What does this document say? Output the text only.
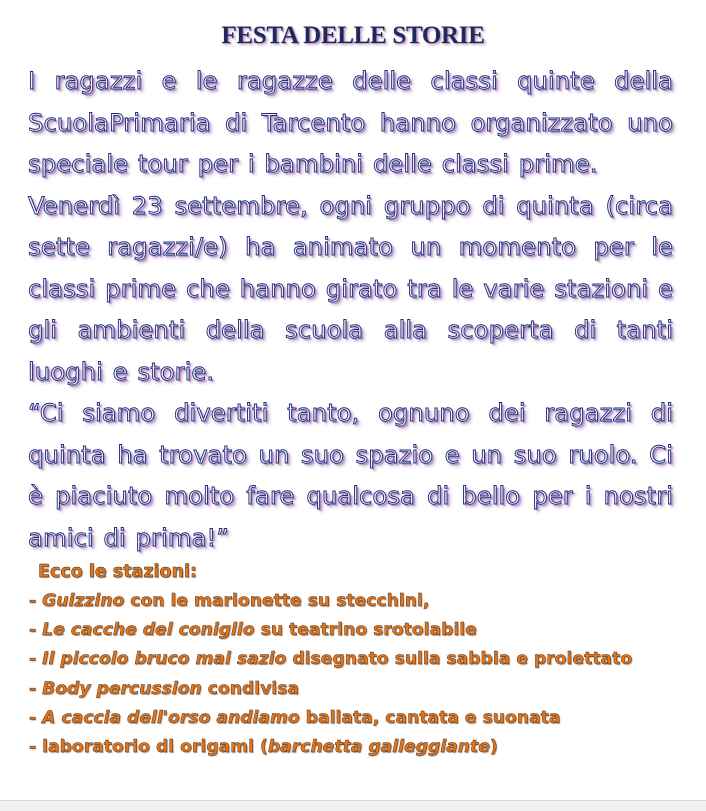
FESTA DELLE STORIE

I ragazzi e le ragazze delle classi quinte della ScuolaPrimaria di Tarcento hanno organizzato uno speciale tour per i bambini delle classi prime.

Venerdì 23 settembre, ogni gruppo di quinta (circa sette ragazzi/e) ha animato un momento per le classi prime che hanno girato tra le varie stazioni e gli ambienti della scuola alla scoperta di tanti luoghi e storie.

“Ci siamo divertiti tanto, ognuno dei ragazzi di quinta ha trovato un suo spazio e un suo ruolo. Ci è piaciuto molto fare qualcosa di bello per i nostri amici di prima!”

Ecco le stazioni:

- Guizzino con le marionette su stecchini,

- Le cacche del coniglio su teatrino srotolabile

- Il piccolo bruco mai sazio disegnato sulla sabbia e proiettato

- Body percussion condivisa

- A caccia dell'orso andiamo ballata, cantata e suonata

- laboratorio di origami (barchetta galleggiante)
